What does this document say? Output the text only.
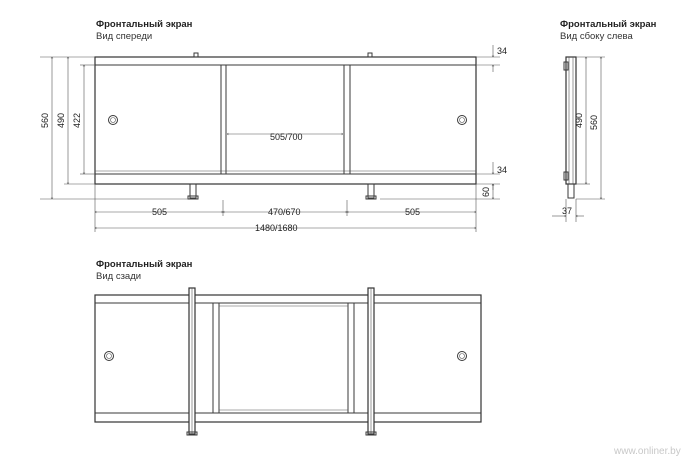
Фронтальный экран
Вид спереди
505/700
560 490 422
34
34
60
505	470/670	505
1480/1680
Фронтальный экран
Вид сбоку слева
490 560
37
Фронтальный экран
Вид сзади
www.onliner.by
